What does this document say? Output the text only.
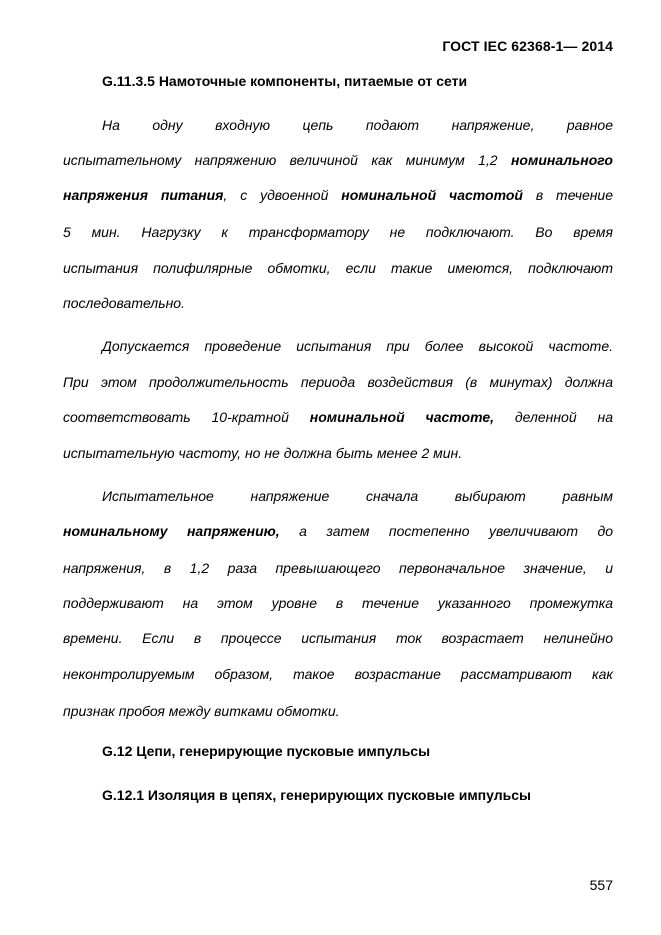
ГОСТ IEC 62368-1— 2014
G.11.3.5 Намоточные компоненты, питаемые от сети
На одну входную цепь подают напряжение, равное
испытательному напряжению величиной как минимум 1,2 номинального
напряжения питания, с удвоенной номинальной частотой в течение
5 мин. Нагрузку к трансформатору не подключают. Во время
испытания полифилярные обмотки, если такие имеются, подключают
последовательно.
Допускается проведение испытания при более высокой частоте.
При этом продолжительность периода воздействия (в минутах) должна
соответствовать 10-кратной номинальной частоте, деленной на
испытательную частоту, но не должна быть менее 2 мин.
Испытательное напряжение сначала выбирают равным
номинальному напряжению, а затем постепенно увеличивают до
напряжения, в 1,2 раза превышающего первоначальное значение, и
поддерживают на этом уровне в течение указанного промежутка
времени. Если в процессе испытания ток возрастает нелинейно
неконтролируемым образом, такое возрастание рассматривают как
признак пробоя между витками обмотки.
G.12 Цепи, генерирующие пусковые импульсы
G.12.1 Изоляция в цепях, генерирующих пусковые импульсы
557
